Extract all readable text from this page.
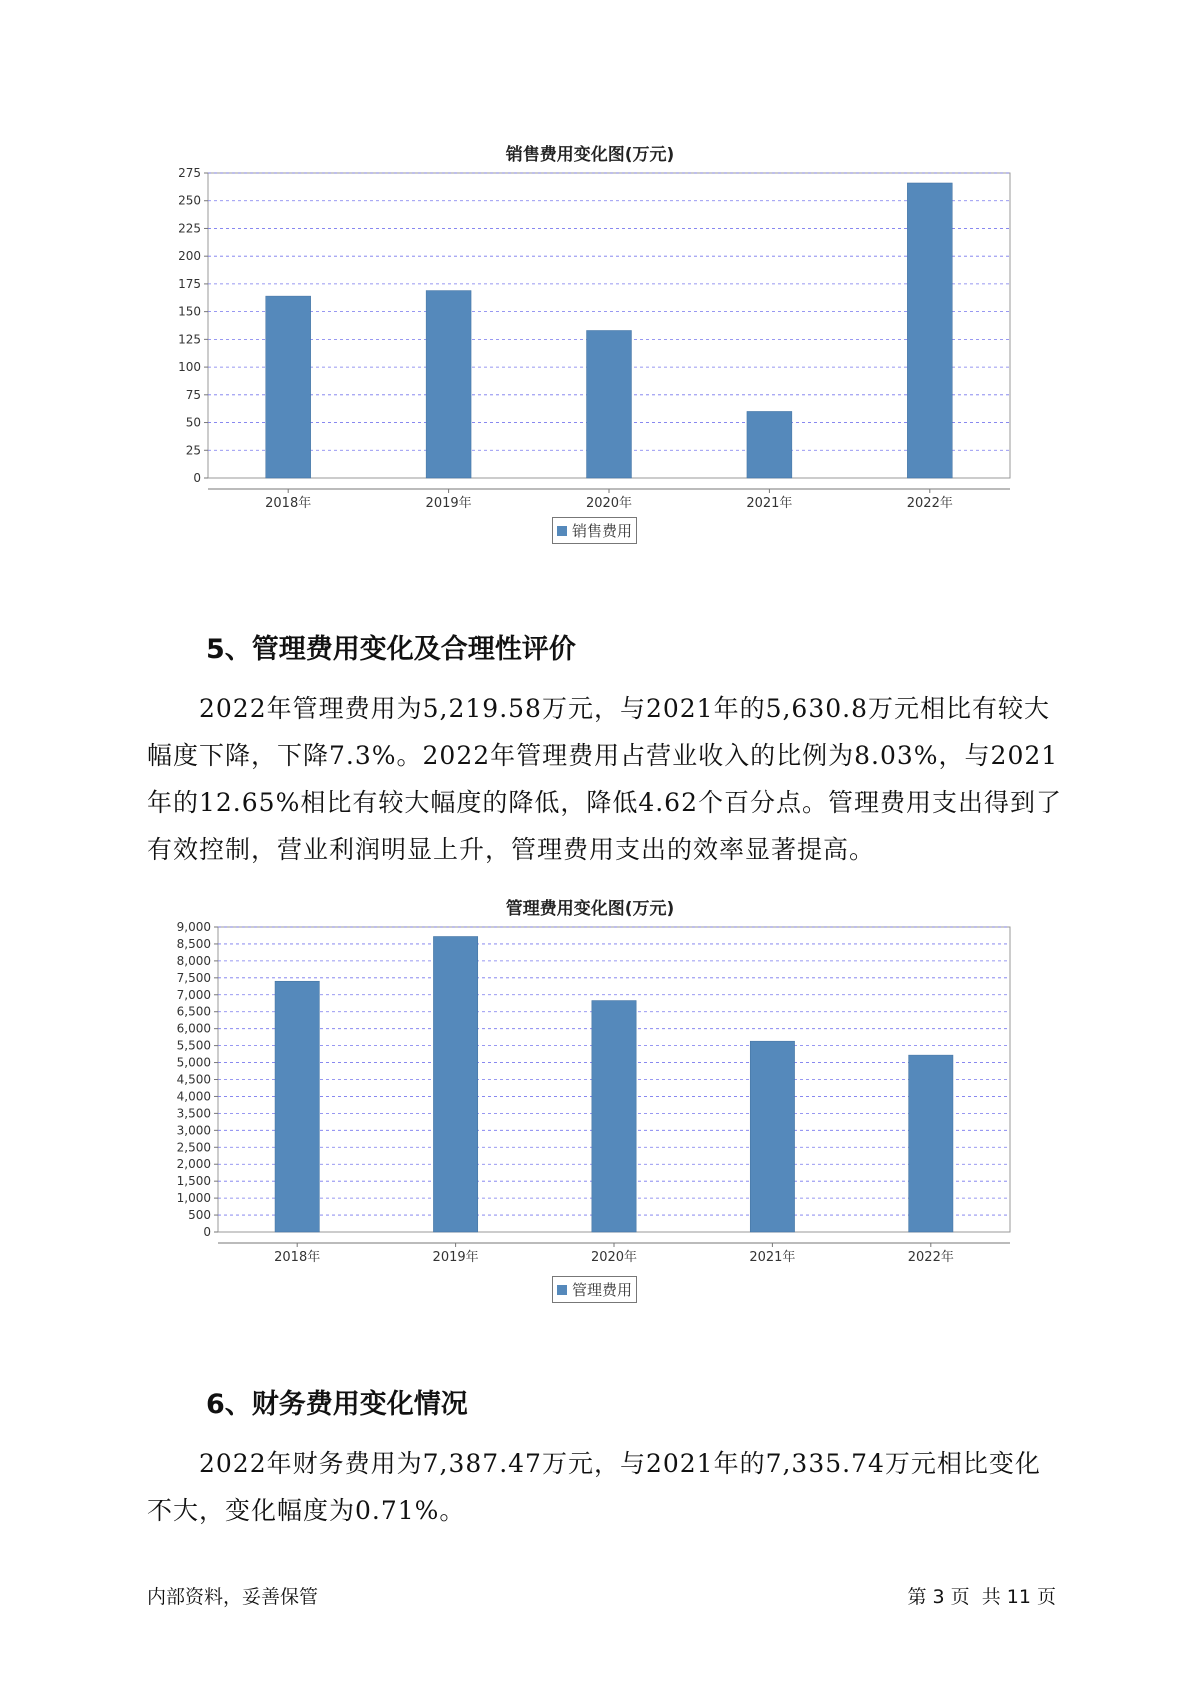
销售费用变化图(万元)
0
25
50
75
100
125
150
175
200
225
250
275
2018年	2019年	2020年	2021年	2022年
销售费用
5、管理费用变化及合理性评价

2022年管理费用为5,219.58万元，与2021年的5,630.8万元相比有较大幅度下降，下降7.3%。2022年管理费用占营业收入的比例为8.03%，与2021年的12.65%相比有较大幅度的降低，降低4.62个百分点。管理费用支出得到了有效控制，营业利润明显上升，管理费用支出的效率显著提高。

管理费用变化图(万元)
0
500
1,000
1,500
2,000
2,500
3,000
3,500
4,000
4,500
5,000
5,500
6,000
6,500
7,000
7,500
8,000
8,500
9,000
2018年	2019年	2020年	2021年	2022年
管理费用
6、财务费用变化情况

2022年财务费用为7,387.47万元，与2021年的7,335.74万元相比变化不大，变化幅度为0.71%。

内部资料，妥善保管	第 3 页  共 11 页
